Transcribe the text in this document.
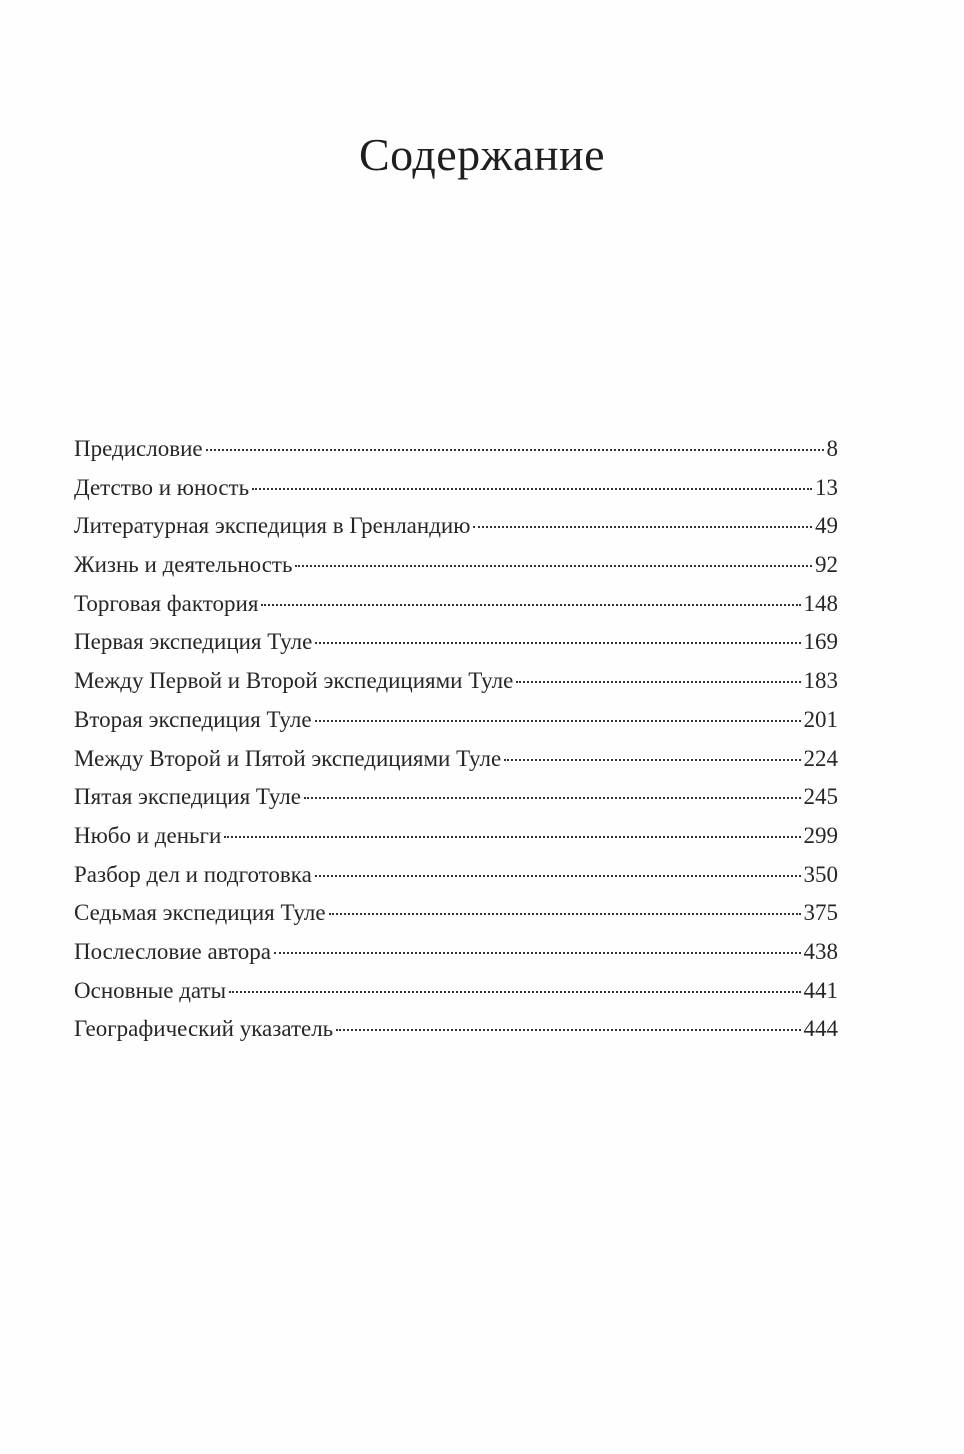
Содержание
Предисловие	8
Детство и юность	13
Литературная экспедиция в Гренландию	49
Жизнь и деятельность	92
Торговая фактория	148
Первая экспедиция Туле	169
Между Первой и Второй экспедициями Туле	183
Вторая экспедиция Туле	201
Между Второй и Пятой экспедициями Туле	224
Пятая экспедиция Туле	245
Нюбо и деньги	299
Разбор дел и подготовка	350
Седьмая экспедиция Туле	375
Послесловие автора	438
Основные даты	441
Географический указатель	444
